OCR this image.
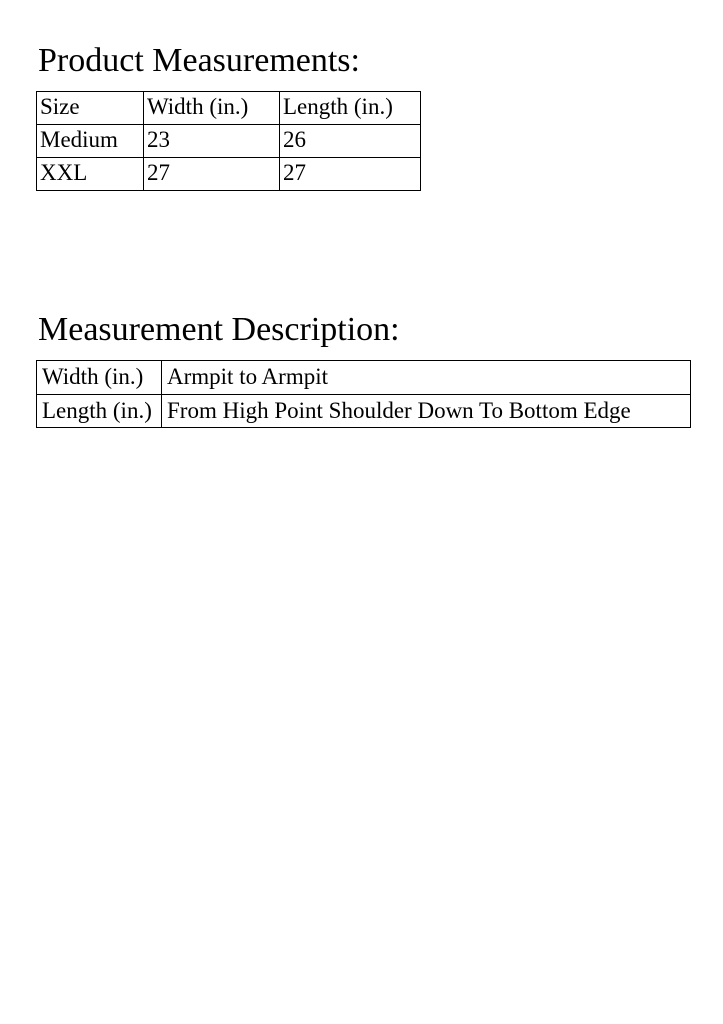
Product Measurements:
Size	Width (in.)	Length (in.)
Medium	23	26
XXL	27	27
Measurement Description:
Width (in.)	Armpit to Armpit
Length (in.)	From High Point Shoulder Down To Bottom Edge
